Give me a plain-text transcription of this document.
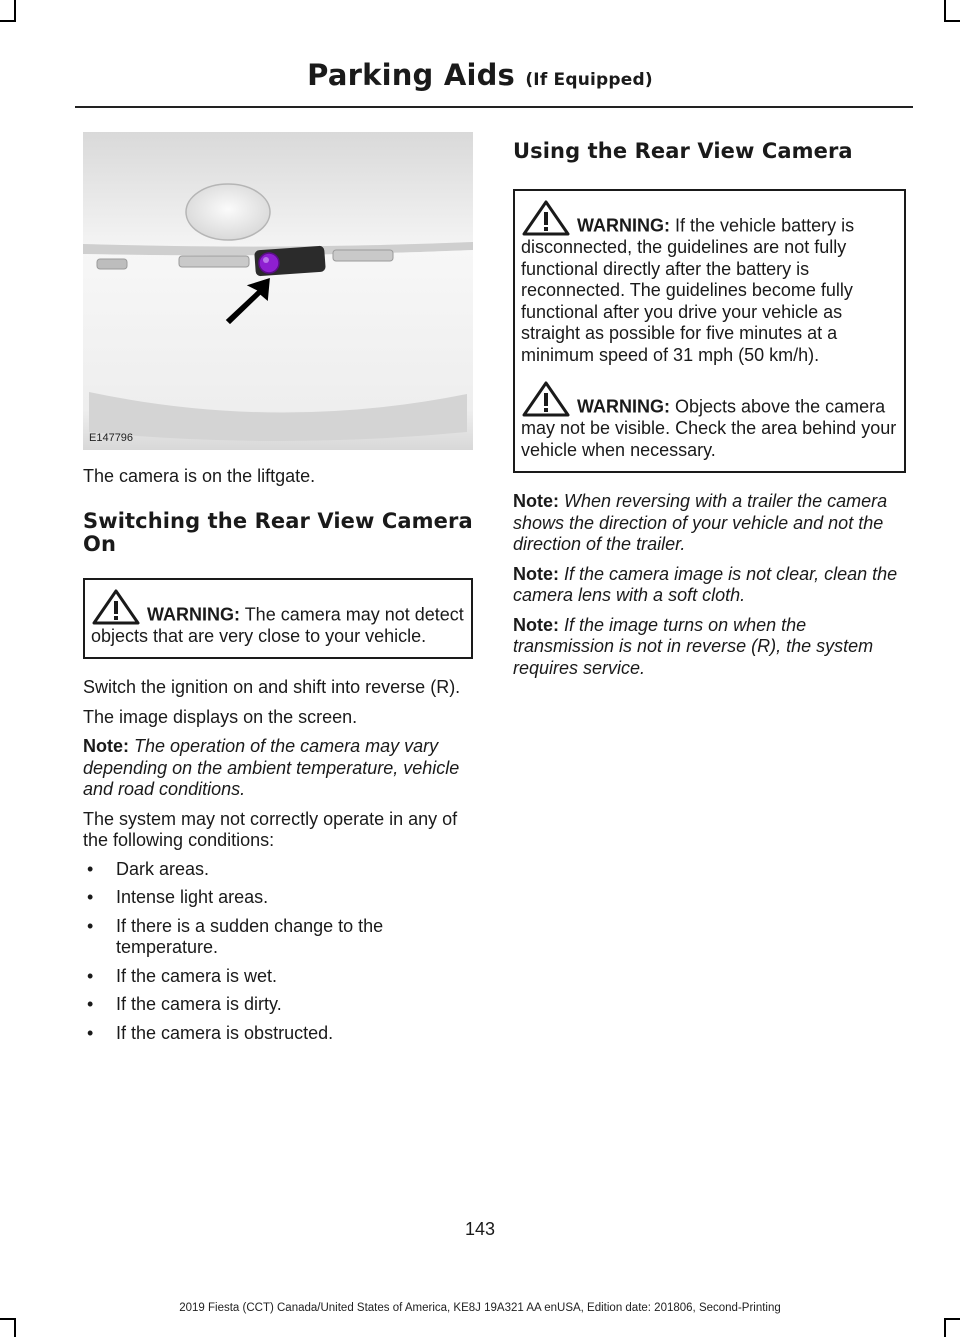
Parking Aids (If Equipped)
E147796

The camera is on the liftgate.

Switching the Rear View Camera On

WARNING: The camera may not detect objects that are very close to your vehicle.

Switch the ignition on and shift into reverse (R).

The image displays on the screen.

Note: The operation of the camera may vary depending on the ambient temperature, vehicle and road conditions.

The system may not correctly operate in any of the following conditions:

• Dark areas.
• Intense light areas.
• If there is a sudden change to the temperature.
• If the camera is wet.
• If the camera is dirty.
• If the camera is obstructed.
Using the Rear View Camera

WARNING: If the vehicle battery is disconnected, the guidelines are not fully functional directly after the battery is reconnected. The guidelines become fully functional after you drive your vehicle as straight as possible for five minutes at a minimum speed of 31 mph (50 km/h).

WARNING: Objects above the camera may not be visible. Check the area behind your vehicle when necessary.

Note: When reversing with a trailer the camera shows the direction of your vehicle and not the direction of the trailer.

Note: If the camera image is not clear, clean the camera lens with a soft cloth.

Note: If the image turns on when the transmission is not in reverse (R), the system requires service.

143
2019 Fiesta (CCT) Canada/United States of America, KE8J 19A321 AA enUSA, Edition date: 201806, Second-Printing
